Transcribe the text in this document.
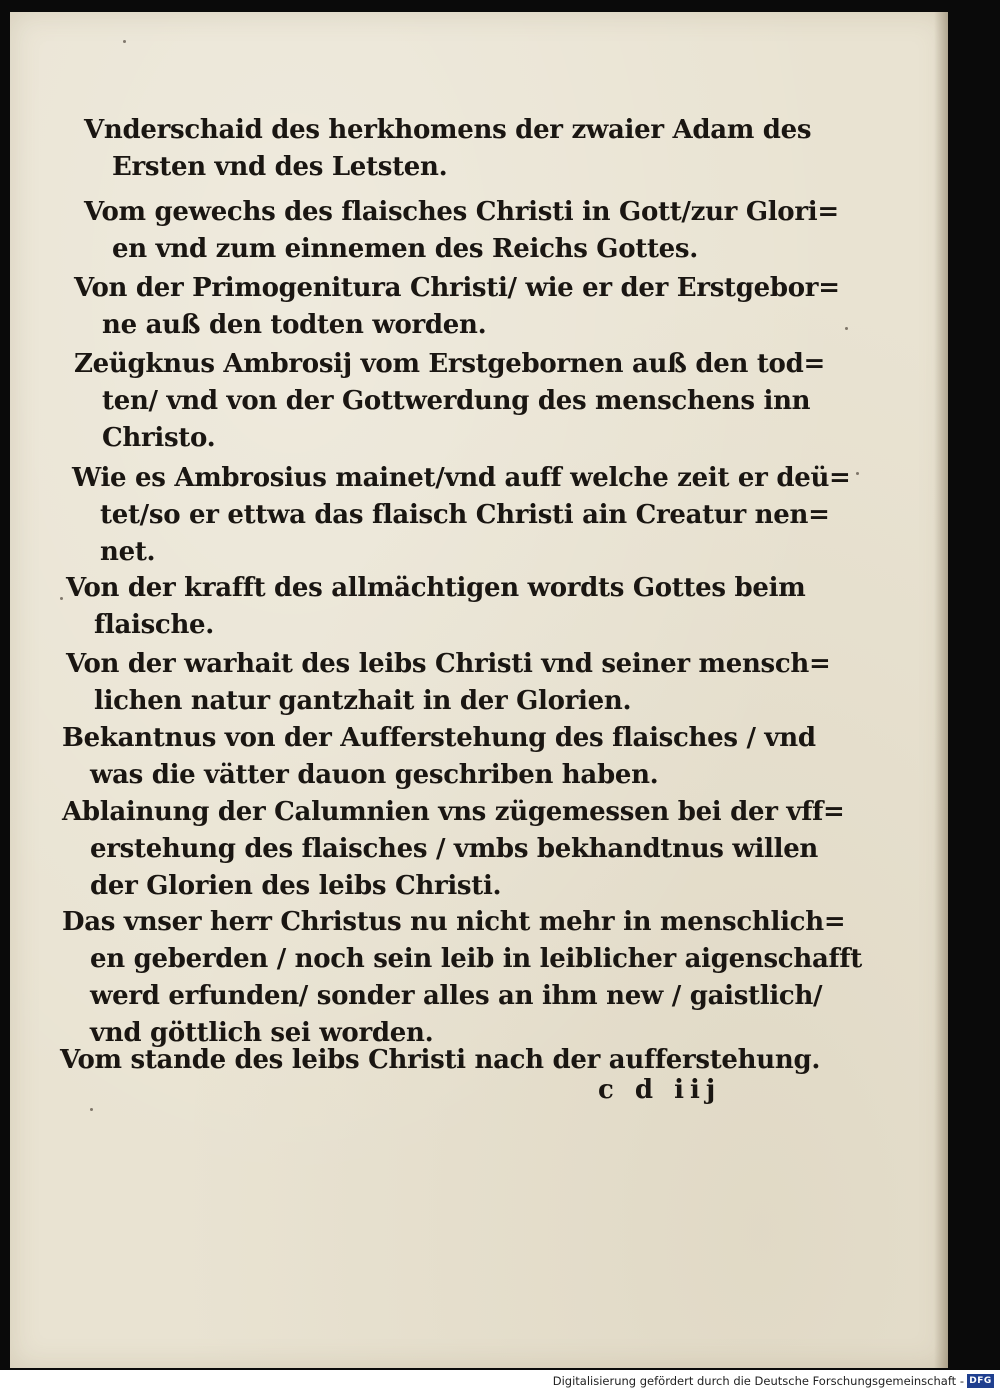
Vnderschaid des herkhomens der zwaier Adam des
Ersten vnd des Letsten.
Vom gewechs des flaisches Christi in Gott/zur Glori=
en vnd zum einnemen des Reichs Gottes.
Von der Primogenitura Christi/ wie er der Erstgebor=
ne auß den todten worden.
Zeügknus Ambrosij vom Erstgebornen auß den tod=
ten/ vnd von der Gottwerdung des menschens inn
Christo.
Wie es Ambrosius mainet/vnd auff welche zeit er deü=
tet/so er ettwa das flaisch Christi ain Creatur nen=
net.
Von der krafft des allmächtigen wordts Gottes beim
flaische.
Von der warhait des leibs Christi vnd seiner mensch=
lichen natur gantzhait in der Glorien.
Bekantnus von der Aufferstehung des flaisches / vnd
was die vätter dauon geschriben haben.
Ablainung der Calumnien vns zügemessen bei der vff=
erstehung des flaisches / vmbs bekhandtnus willen
der Glorien des leibs Christi.
Das vnser herr Christus nu nicht mehr in menschlich=
en geberden / noch sein leib in leiblicher aigenschafft
werd erfunden/ sonder alles an ihm new / gaistlich/
vnd göttlich sei worden.
Vom stande des leibs Christi nach der aufferstehung.
c d iij
Digitalisierung gefördert durch die Deutsche Forschungsgemeinschaft - DFG
